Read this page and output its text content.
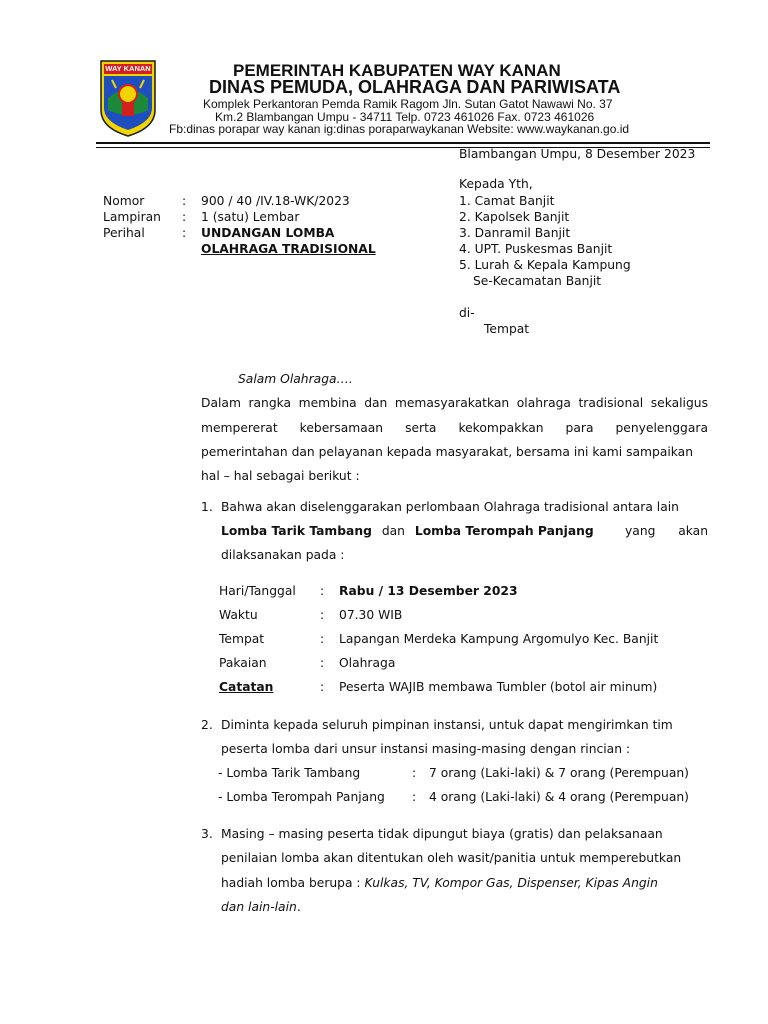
WAY KANAN	PEMERINTAH KABUPATEN WAY KANAN
DINAS PEMUDA, OLAHRAGA DAN PARIWISATA
Komplek Perkantoran Pemda Ramik Ragom Jln. Sutan Gatot Nawawi No. 37
Km.2 Blambangan Umpu - 34711 Telp. 0723 461026 Fax. 0723 461026
Fb:dinas porapar way kanan ig:dinas poraparwaykanan Website: www.waykanan.go.id
Blambangan Umpu, 8 Desember 2023
Nomor	: 900 / 40 /IV.18-WK/2023
Lampiran : 1 (satu) Lembar
Perihal	: UNDANGAN LOMBA
OLAHRAGA TRADISIONAL
Kepada Yth,
1. Camat Banjit
2. Kapolsek Banjit
3. Danramil Banjit
4. UPT. Puskesmas Banjit
5. Lurah & Kepala Kampung
Se-Kecamatan Banjit
di-
Tempat
Salam Olahraga….
Dalam rangka membina dan memasyarakatkan olahraga tradisional sekaligus
mempererat kebersamaan serta kekompakkan para penyelenggara
pemerintahan dan pelayanan kepada masyarakat, bersama ini kami sampaikan
hal – hal sebagai berikut :
1. Bahwa akan diselenggarakan perlombaan Olahraga tradisional antara lain
Lomba Tarik Tambang dan Lomba Terompah Panjang	yang akan
dilaksanakan pada :
Hari/Tanggal : Rabu / 13 Desember 2023
Waktu	: 07.30 WIB
Tempat	: Lapangan Merdeka Kampung Argomulyo Kec. Banjit
Pakaian	: Olahraga
Catatan	: Peserta WAJIB membawa Tumbler (botol air minum)
2. Diminta kepada seluruh pimpinan instansi, untuk dapat mengirimkan tim
peserta lomba dari unsur instansi masing-masing dengan rincian :
- Lomba Tarik Tambang	: 7 orang (Laki-laki) & 7 orang (Perempuan)
- Lomba Terompah Panjang : 4 orang (Laki-laki) & 4 orang (Perempuan)
3. Masing – masing peserta tidak dipungut biaya (gratis) dan pelaksanaan
penilaian lomba akan ditentukan oleh wasit/panitia untuk memperebutkan
hadiah lomba berupa : Kulkas, TV, Kompor Gas, Dispenser, Kipas Angin
dan lain-lain.
